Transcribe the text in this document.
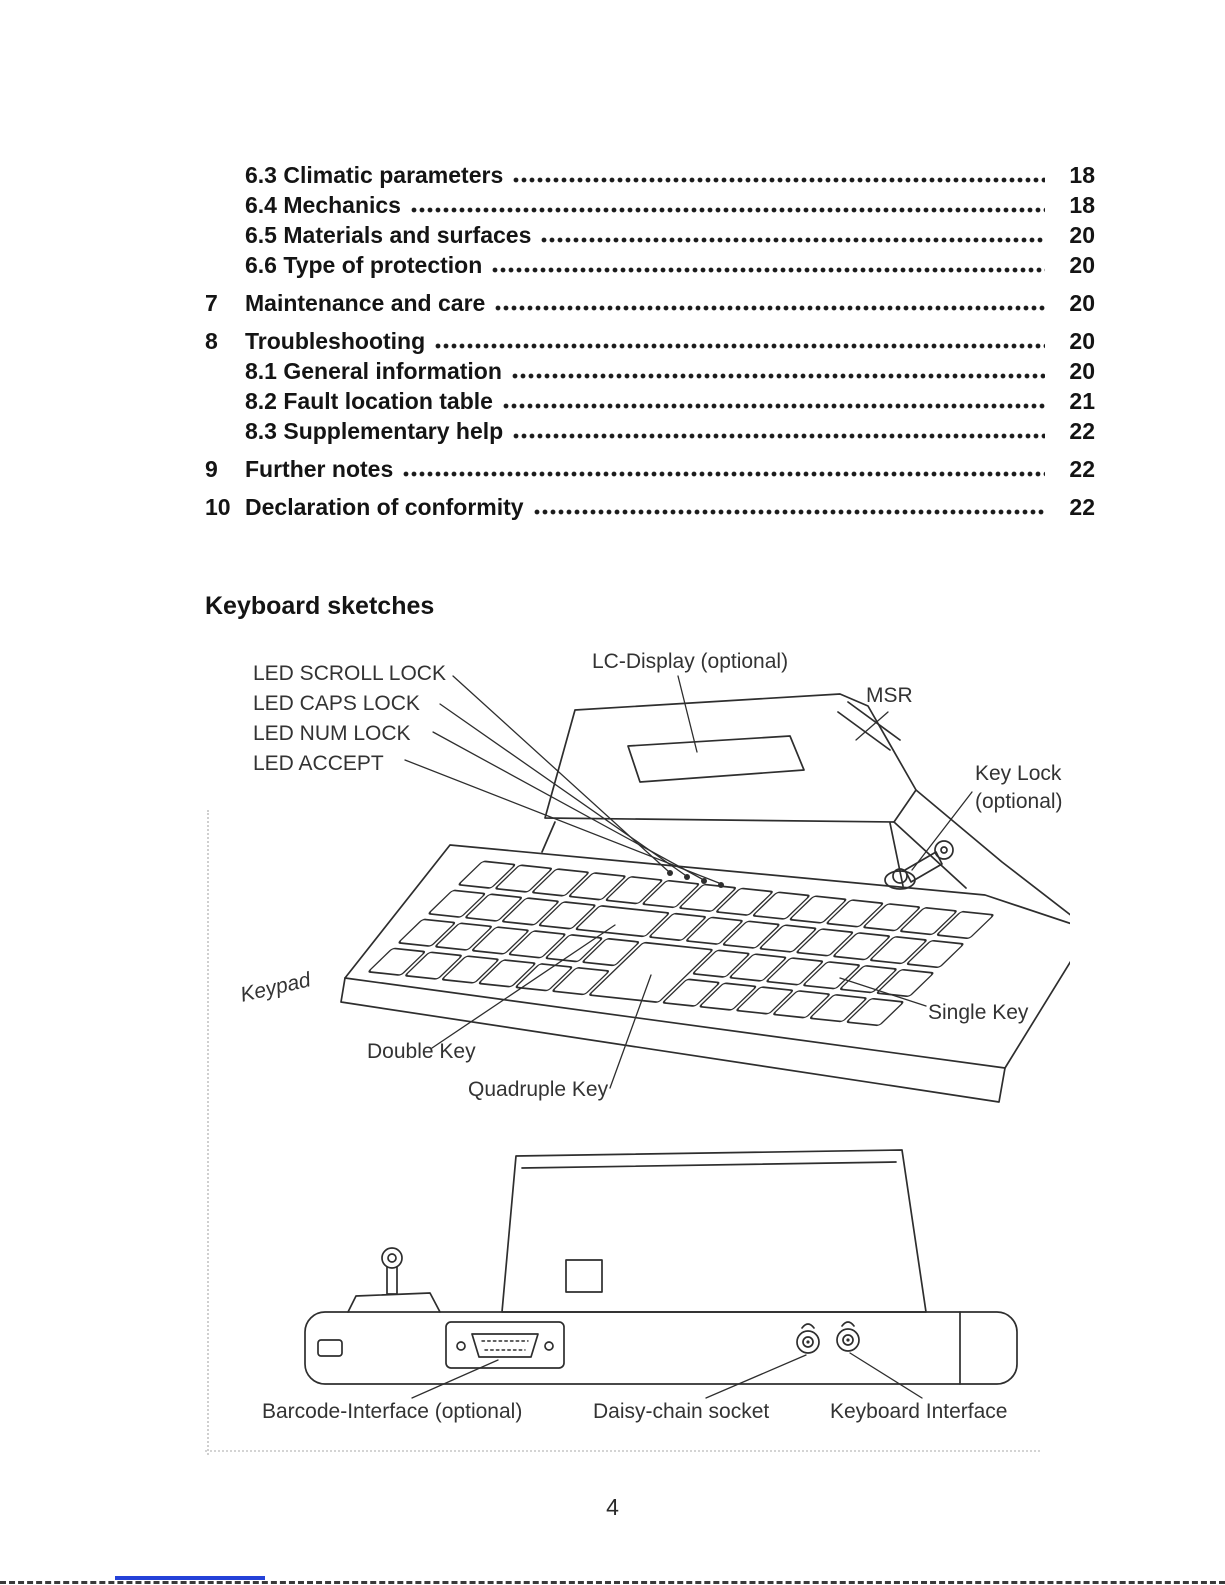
6.3 Climatic parameters	18
6.4 Mechanics	18
6.5 Materials and surfaces	20
6.6 Type of protection	20
7	Maintenance and care	20
8	Troubleshooting	20
8.1 General information	20
8.2 Fault location table	21
8.3 Supplementary help	22
9	Further notes	22
10 Declaration of conformity	22
Keyboard sketches
LED SCROLL LOCK
LED CAPS LOCK
LED NUM LOCK
LED ACCEPT
LC-Display (optional)
MSR
Key Lock
(optional)
Keypad
Double Key
Quadruple Key
Single Key
Barcode-Interface (optional)	Daisy-chain socket	Keyboard Interface
4
